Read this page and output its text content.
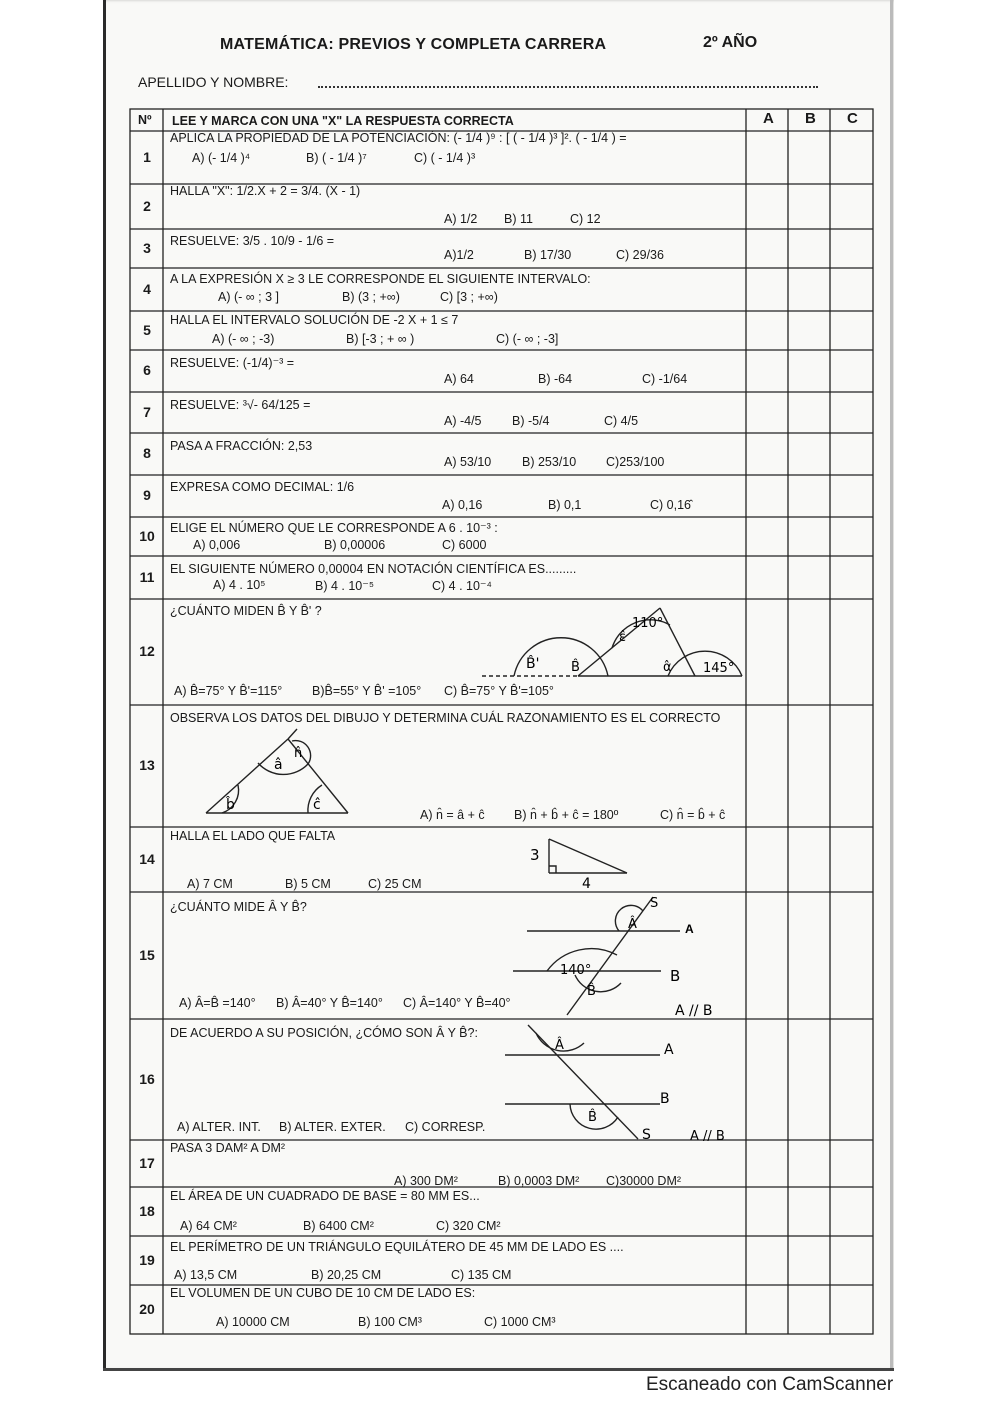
MATEMÁTICA: PREVIOS Y COMPLETA CARRERA	2º AÑO
APELLIDO Y NOMBRE:
Nº LEE Y MARCA CON UNA "X" LA RESPUESTA CORRECTA	A B C
1
APLICA LA PROPIEDAD DE LA POTENCIACIÓN: (- 1/4 )⁹ : [ ( - 1/4 )³ ]². ( - 1/4 ) =
A) (- 1/4 )⁴	B) ( - 1/4 )⁷	C) ( - 1/4 )³
2
HALLA "X": 1/2.X + 2 = 3/4. (X - 1)
A) 1/2 B) 11	C) 12
3	RESUELVE: 3/5 . 10/9 - 1/6 =
A)1/2	B) 17/30	C) 29/36
4
A LA EXPRESIÓN X ≥ 3 LE CORRESPONDE EL SIGUIENTE INTERVALO:
A) (- ∞ ; 3 ]	B) (3 ; +∞)	C) [3 ; +∞)
5
HALLA EL INTERVALO SOLUCIÓN DE -2 X + 1 ≤ 7
A) (- ∞ ; -3)	B) [-3 ; + ∞ )	C) (- ∞ ; -3]
6	RESUELVE: (-1/4)⁻³ =
A) 64	B) -64	C) -1/64
7	RESUELVE: ³√- 64/125 =
A) -4/5 B) -5/4	C) 4/5
8	PASA A FRACCIÓN: 2,53
A) 53/10 B) 253/10 C)253/100
9	EXPRESA COMO DECIMAL: 1/6
A) 0,16	B) 0,1	C) 0,16̂
10	ELIGE EL NÚMERO QUE LE CORRESPONDE A 6 . 10⁻³ :
A) 0,006	B) 0,00006	C) 6000
11	EL SIGUIENTE NÚMERO 0,00004 EN NOTACIÓN CIENTÍFICA ES.........
A) 4 . 10⁵	B) 4 . 10⁻⁵	C) 4 . 10⁻⁴
12
¿CUÁNTO MIDEN B̂ Y B̂' ?
A) B̂=75° Y B̂'=115° B)B̂=55° Y B̂' =105° C) B̂=75° Y B̂'=105°
13
OBSERVA LOS DATOS DEL DIBUJO Y DETERMINA CUÁL RAZONAMIENTO ES EL CORRECTO
A) n̂ = â + ĉ B) n̂ + b̂ + ĉ = 180º	C) n̂ = b̂ + ĉ
14
HALLA EL LADO QUE FALTA
A) 7 CM	B) 5 CM	C) 25 CM
15
¿CUÁNTO MIDE Â Y B̂?
A) Â=B̂ =140° B) Â=40° Y B̂=140° C) Â=140° Y B̂=40°
16
DE ACUERDO A SU POSICIÓN, ¿CÓMO SON Â Y B̂?:
A) ALTER. INT. B) ALTER. EXTER. C) CORRESP.
17
PASA 3 DAM² A DM²
A) 300 DM²	B) 0,0003 DM² C)30000 DM²
18
EL ÁREA DE UN CUADRADO DE BASE = 80 MM ES...
A) 64 CM²	B) 6400 CM²	C) 320 CM²
19
EL PERÍMETRO DE UN TRIÁNGULO EQUILÁTERO DE 45 MM DE LADO ES ....
A) 13,5 CM	B) 20,25 CM	C) 135 CM
20
EL VOLUMEN DE UN CUBO DE 10 CM DE LADO ES:
A) 10000 CM	B) 100 CM³	C) 1000 CM³
B̂' B̂
ε̂
110°
α̂ 145°
â
n̂
b̂	ĉ
3
4
S
A
B
Â
140°
B̂
A // B
Â	A
B
B̂
S	A // B
Escaneado con CamScanner
